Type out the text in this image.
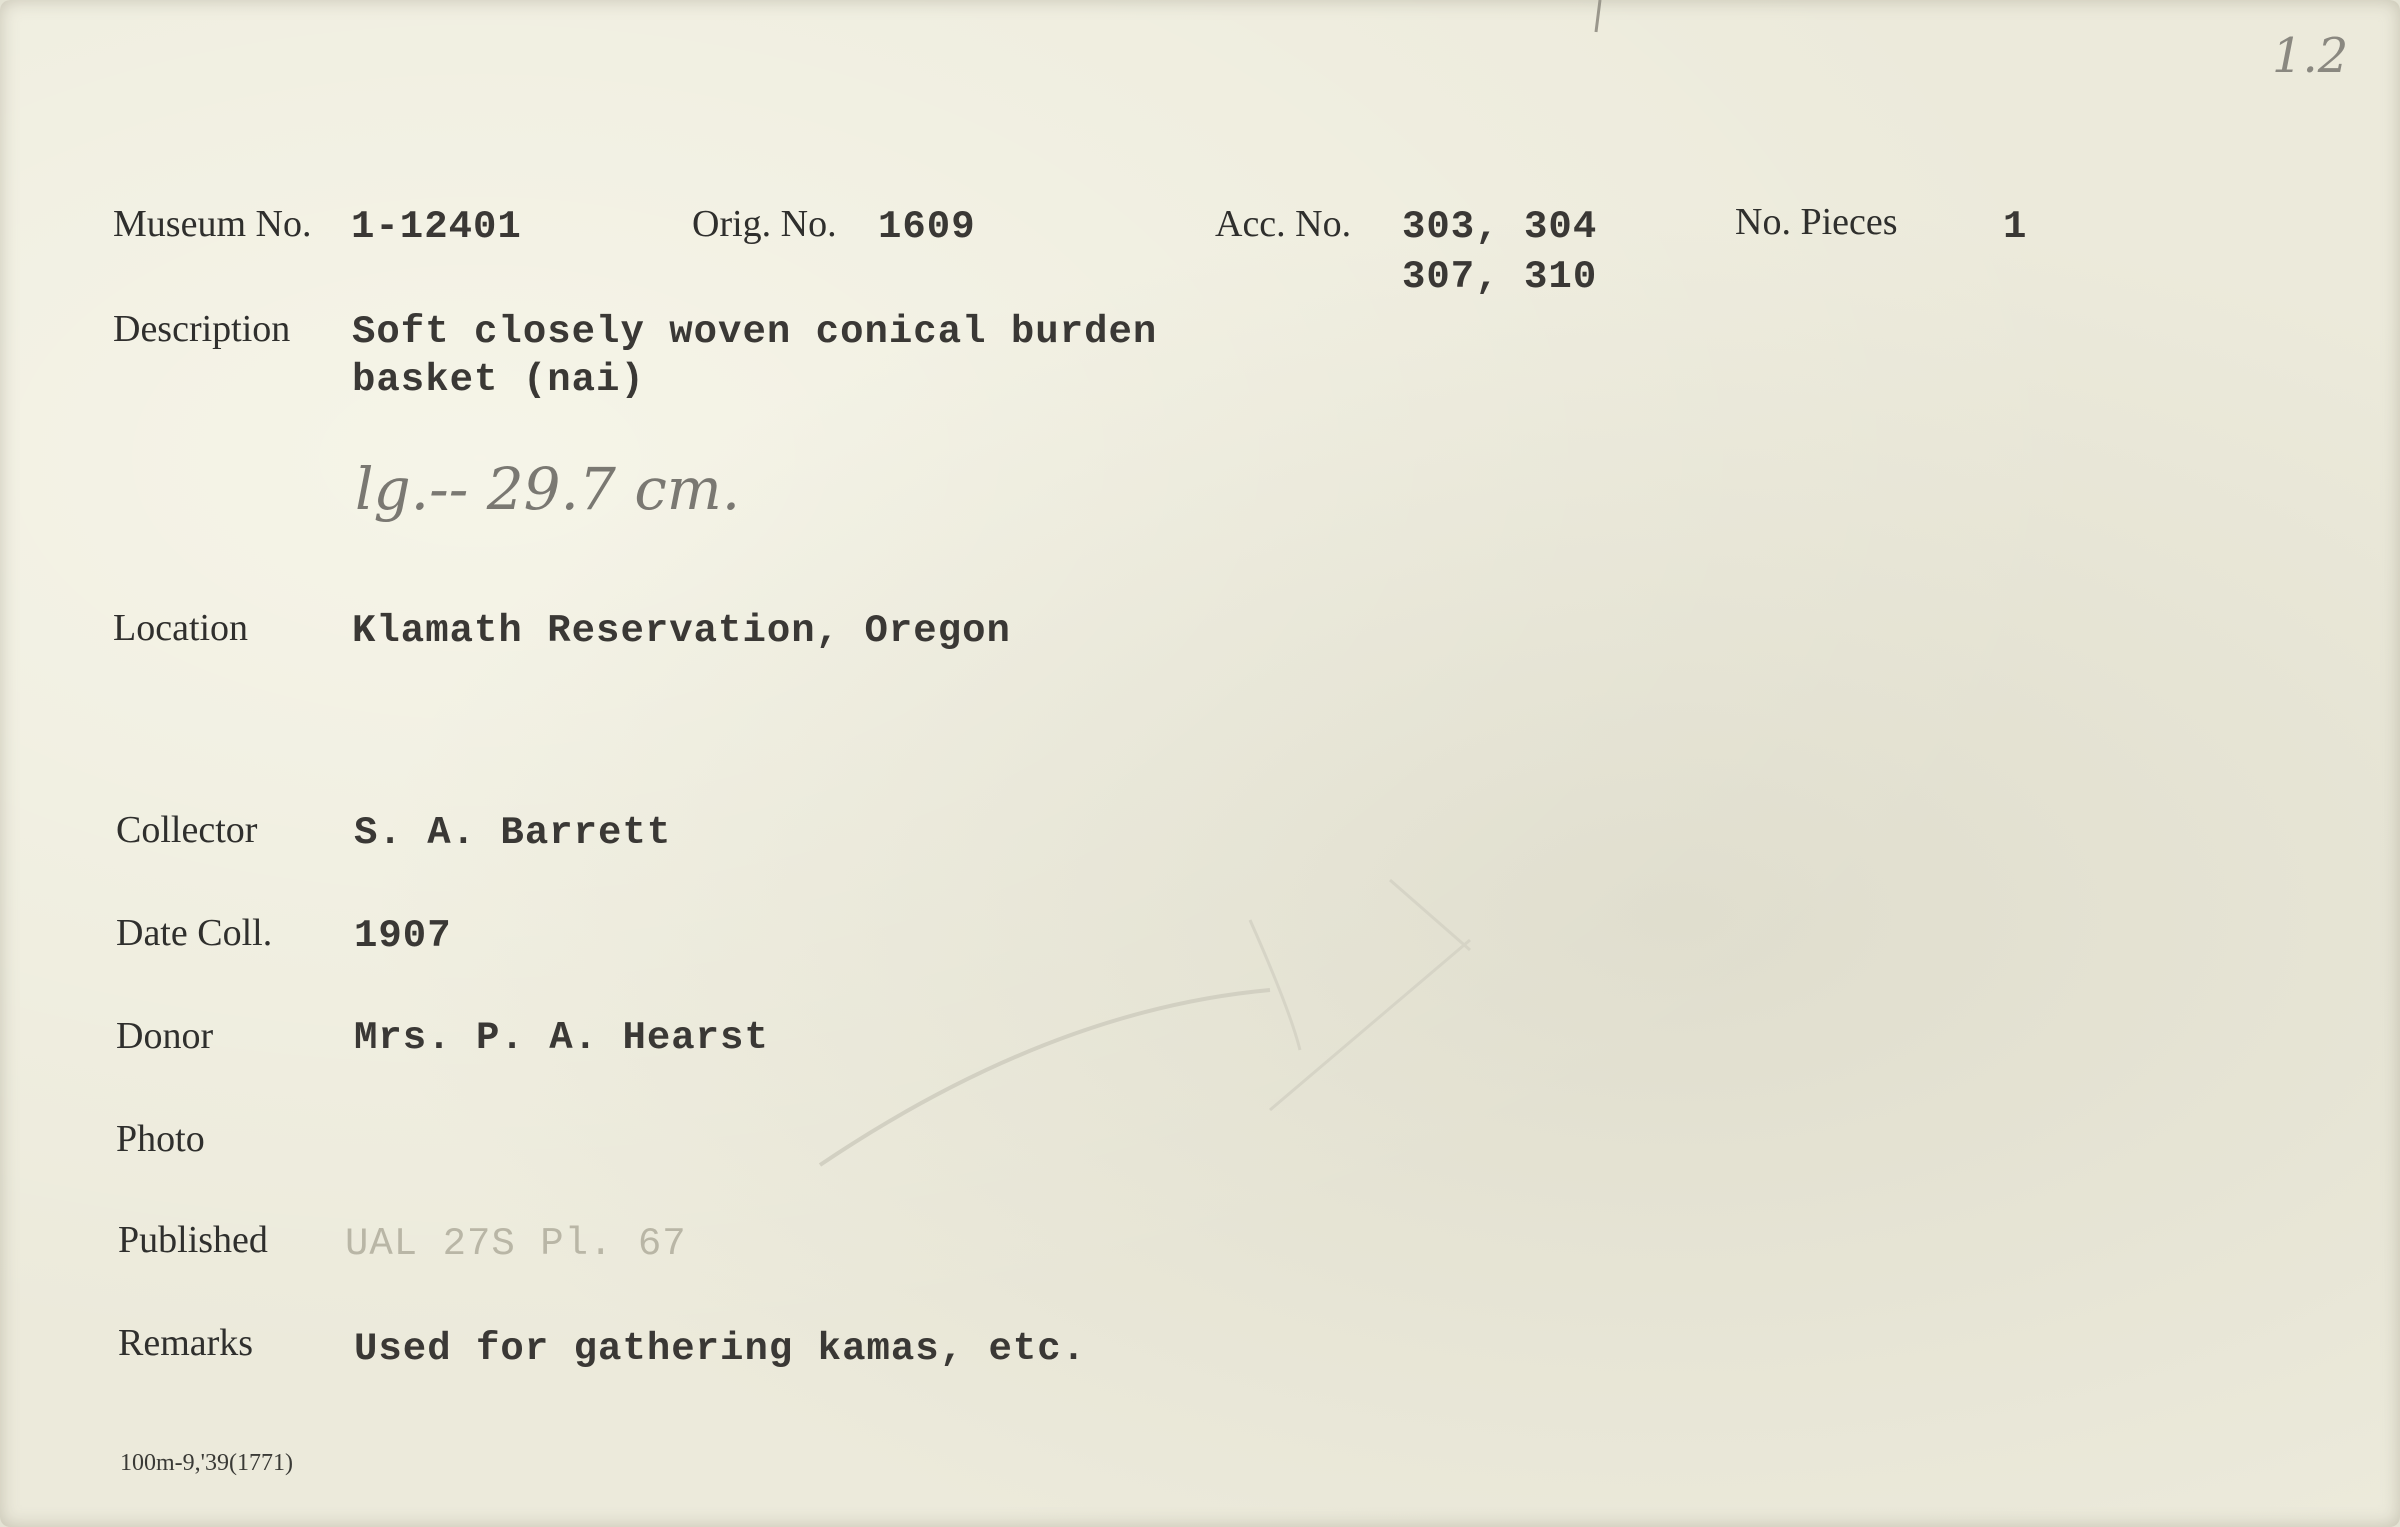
Museum No. 1-12401	Orig. No. 1609	Acc. No. 303, 304
307, 310
No. Pieces	1
Description Soft closely woven conical burden
basket (nai)
lg.-- 29.7 cm.
1.2
Location	Klamath Reservation, Oregon
Collector S. A. Barrett
Date Coll. 1907
Donor	Mrs. P. A. Hearst
Photo
Published UAL 27S Pl. 67
Remarks	Used for gathering kamas, etc.
100m-9,'39(1771)
